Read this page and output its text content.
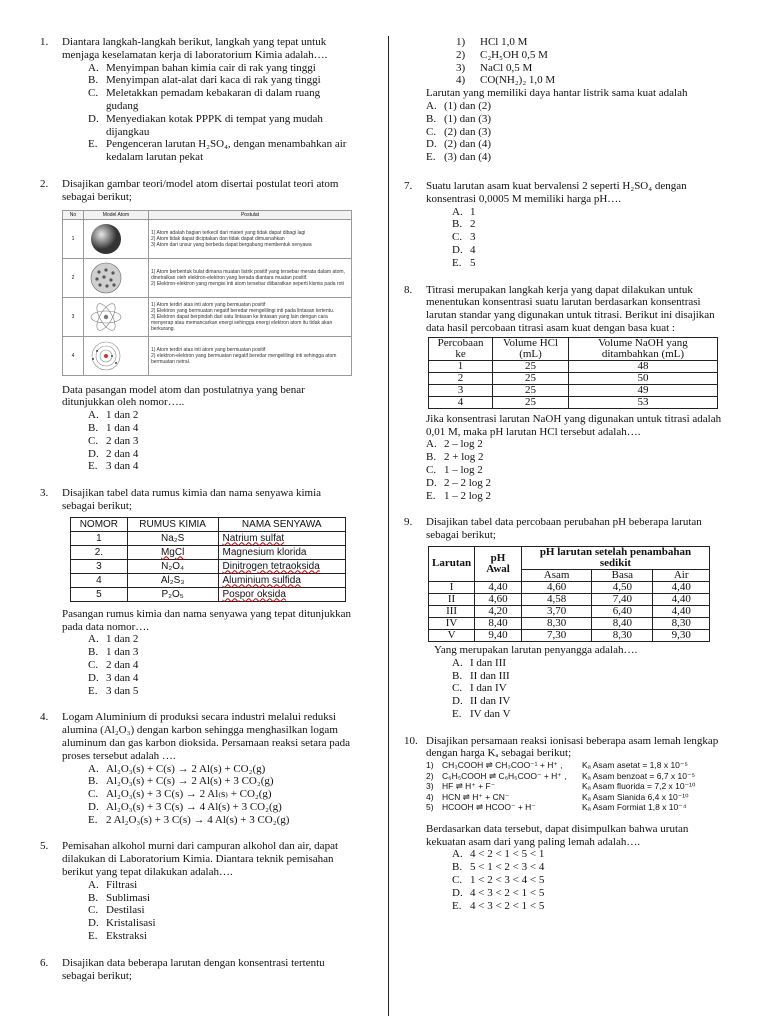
1.	Diantara langkah-langkah berikut, langkah yang tepat untuk menjaga keselamatan kerja di laboratorium Kimia adalah….
A. Menyimpan bahan kimia cair di rak yang tinggi
B. Menyimpan alat-alat dari kaca di rak yang tinggi
C. Meletakkan pemadam kebakaran di dalam ruang gudang
D. Menyediakan kotak PPPK di tempat yang mudah dijangkau
E. Pengenceran larutan H₂SO₄, dengan menambahkan air kedalam larutan pekat
2.	Disajikan gambar teori/model atom disertai postulat teori atom sebagai berikut;
No	Model Atom	Postulat
1		1) Atom adalah bagian terkecil dari materi yang tidak dapat dibagi lagi
2) Atom tidak dapat diciptakan dan tidak dapat dimusnahkan
3) Atom dari unsur yang berbeda dapat bergabung membentuk senyawa

2		1) Atom berbentuk bulat dimana muatan listrik positif yang tersebar merata dalam atom, dinetralkan oleh elektron-elektron yang berada diantara muatan positif.
2) Elektron-elektron yang mengisi inti atom tersebar diibaratkan seperti kismis pada roti

3		1) Atom terdiri atas inti atom yang bermuatan positif
2) Elektron yang bermuatan negatif beredar mengelilingi inti pada lintasan tertentu.
3) Elektron dapat berpindah dari satu lintasan ke lintasan yang lain dengan cara menyerap atau memancarkan energi sehingga energi elektron atom itu tidak akan berkurang.

4		1) Atom terdiri atas inti atom yang bermuatan positif
2) elektron-elektron yang bermuatan negatif beredar mengelilingi inti sehingga atom bermuatan netral.
Data pasangan model atom dan postulatnya yang benar ditunjukkan oleh nomor…..
A. 1 dan 2
B. 1 dan 4
C. 2 dan 3
D. 2 dan 4
E. 3 dan 4
3.	Disajikan tabel data rumus kimia dan nama senyawa kimia sebagai berikut;
NOMOR	RUMUS KIMIA	NAMA SENYAWA
1	Na₂S	Natrium sulfat
2.	MgCl	Magnesium klorida
3	N₂O₄	Dinitrogen tetraoksida
4	Al₂S₃	Aluminium sulfida
5	P₂O₅	Pospor oksida
Pasangan rumus kimia dan nama senyawa yang tepat ditunjukkan pada data nomor….
A. 1 dan 2
B. 1 dan 3
C. 2 dan 4
D. 3 dan 4
E. 3 dan 5
4.	Logam Aluminium di produksi secara industri melalui reduksi alumina (Al₂O₃) dengan karbon sehingga menghasilkan logam aluminum dan gas karbon dioksida. Persamaan reaksi setara pada proses tersebut adalah ….
A. Al₂O₃(s) + C(s) → 2 Al(s) + CO₂(g)
B. Al₂O₃(s) + C(s) → 2 Al(s) + 3 CO₂(g)
C. Al₂O₃(s) + 3 C(s) → 2 Al₍s₎ + CO₂(g)
D. Al₂O₃(s) + 3 C(s) → 4 Al(s) + 3 CO₂(g)
E. 2 Al₂O₃(s) + 3 C(s) → 4 Al(s) + 3 CO₂(g)
5.	Pemisahan alkohol murni dari campuran alkohol dan air, dapat dilakukan di Laboratorium Kimia. Diantara teknik pemisahan berikut yang tepat dilakukan adalah….
A. Filtrasi
B. Sublimasi
C. Destilasi
D. Kristalisasi
E. Ekstraksi
6.	Disajikan data beberapa larutan dengan konsentrasi tertentu sebagai berikut;
1)	HCl 1,0 M
2)	C₂H₅OH 0,5 M
3)	NaCl 0,5 M
4)	CO(NH₂)₂ 1,0 M
Larutan yang memiliki daya hantar listrik sama kuat adalah
A. (1) dan (2)
B. (1) dan (3)
C. (2) dan (3)
D. (2) dan (4)
E. (3) dan (4)
7.	Suatu larutan asam kuat bervalensi 2 seperti H₂SO₄ dengan konsentrasi 0,0005 M memiliki harga pH….
A. 1
B. 2
C. 3
D. 4
E. 5
8.	Titrasi merupakan langkah kerja yang dapat dilakukan untuk menentukan konsentrasi suatu larutan berdasarkan konsentrasi larutan standar yang digunakan untuk titrasi. Berikut ini disajikan data hasil percobaan titrasi asam kuat dengan basa kuat :
Percobaan ke	Volume HCl (mL)	Volume NaOH yang ditambahkan (mL)
1	25	48
2	25	50
3	25	49
4	25	53
Jika konsentrasi larutan NaOH yang digunakan untuk titrasi adalah 0,01 M, maka pH larutan HCl tersebut adalah….
A. 2 – log 2
B. 2 + log 2
C. 1 – log 2
D. 2 – 2 log 2
E. 1 – 2 log 2
9.	Disajikan tabel data percobaan perubahan pH beberapa larutan sebagai berikut;
Larutan	pH Awal	pH larutan setelah penambahan sedikit		
		Asam	Basa	Air
I	4,40	4,60	4,50	4,40
II	4,60	4,58	7,40	4,40
III	4,20	3,70	6,40	4,40
IV	8,40	8,30	8,40	8,30
V	9,40	7,30	8,30	9,30
Yang merupakan larutan penyangga adalah….
A. I dan III
B. II dan III
C. I dan IV
D. II dan IV
E. IV dan V
10. Disajikan persamaan reaksi ionisasi beberapa asam lemah lengkap dengan harga Kₐ sebagai berikut;
1) CH₃COOH ⇌ CH₃COO⁻¹ + H⁺ ,	Kₐ Asam asetat = 1,8 x 10⁻⁵
2) C₆H₅COOH ⇌ C₆H₅COO⁻ + H⁺ ,	Kₐ Asam benzoat = 6,7 x 10⁻⁵
3) HF ⇌ H⁺ + F⁻	Kₐ Asam fluorida = 7,2 x 10⁻¹⁰
4) HCN ⇌ H⁺ + CN⁻	Kₐ Asam Sianida 6,4 x 10⁻¹⁰
5) HCOOH ⇌ HCOO⁻ + H⁻	Kₐ Asam Formiat 1,8 x 10⁻⁴
Berdasarkan data tersebut, dapat disimpulkan bahwa urutan kekuatan asam dari yang paling lemah adalah….
A. 4 < 2 < 1 < 5 < 1
B. 5 < 1 < 2 < 3 < 4
C. 1 < 2 < 3 < 4 < 5
D. 4 < 3 < 2 < 1 < 5
E. 4 < 3 < 2 < 1 < 5
